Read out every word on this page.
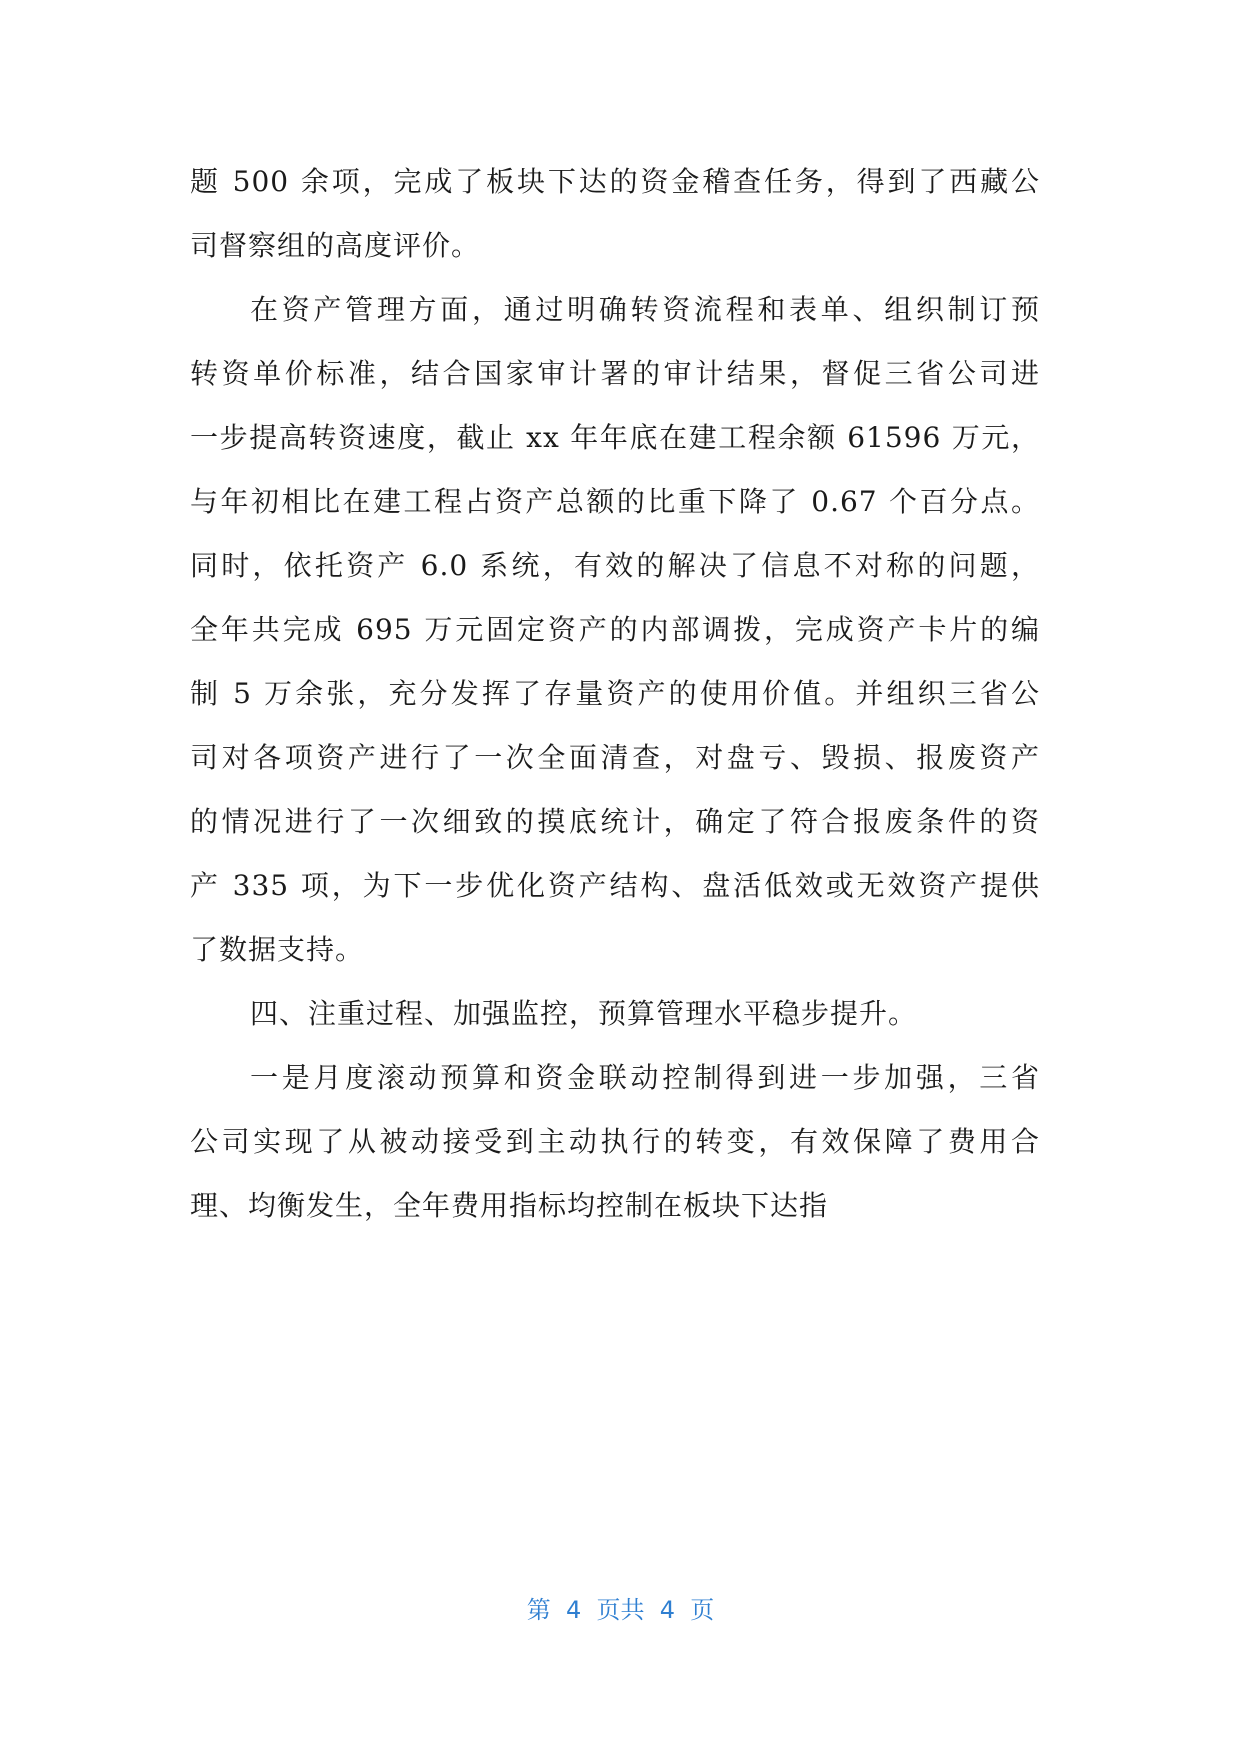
题 500 余项，完成了板块下达的资金稽查任务，得到了西藏公
司督察组的高度评价。
在资产管理方面，通过明确转资流程和表单、组织制订预
转资单价标准，结合国家审计署的审计结果，督促三省公司进
一步提高转资速度，截止 xx 年年底在建工程余额 61596 万元，
与年初相比在建工程占资产总额的比重下降了 0.67 个百分点。
同时，依托资产 6.0 系统，有效的解决了信息不对称的问题，
全年共完成 695 万元固定资产的内部调拨，完成资产卡片的编
制 5 万余张，充分发挥了存量资产的使用价值。并组织三省公
司对各项资产进行了一次全面清查，对盘亏、毁损、报废资产
的情况进行了一次细致的摸底统计，确定了符合报废条件的资
产 335 项，为下一步优化资产结构、盘活低效或无效资产提供
了数据支持。
四、注重过程、加强监控，预算管理水平稳步提升。
一是月度滚动预算和资金联动控制得到进一步加强，三省
公司实现了从被动接受到主动执行的转变，有效保障了费用合
理、均衡发生，全年费用指标均控制在板块下达指
第  4  页共  4  页
